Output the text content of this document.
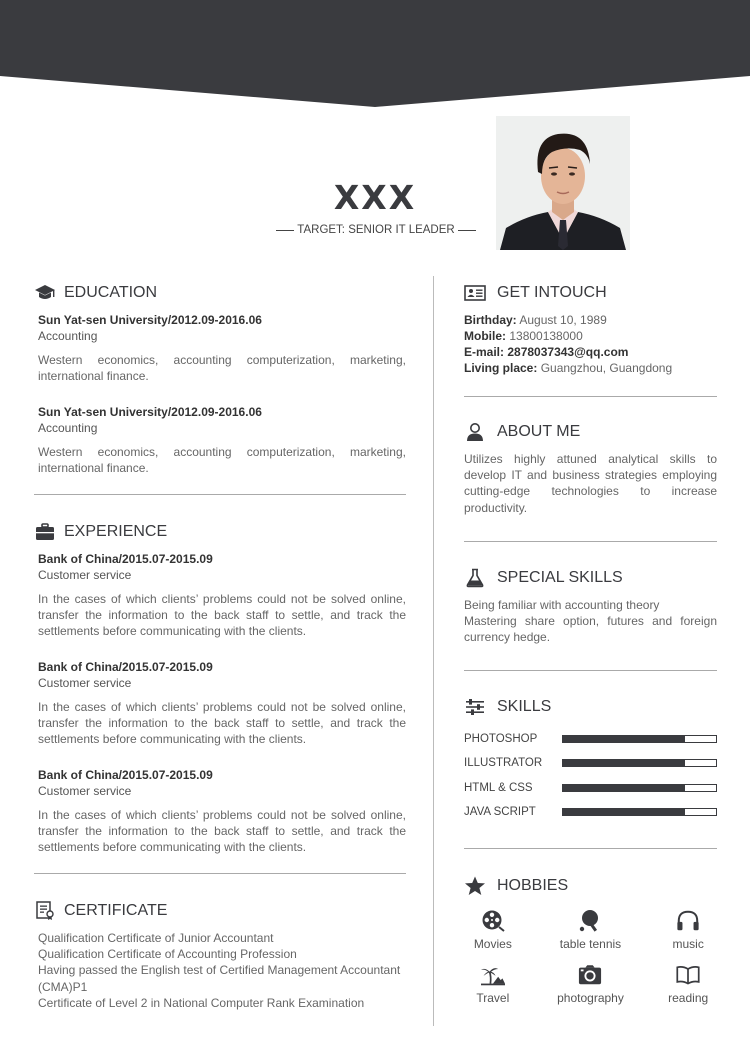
XXX
TARGET: SENIOR IT LEADER
EDUCATION
Sun Yat-sen University/2012.09-2016.06
Accounting
Western economics, accounting computerization, marketing, international finance.
Sun Yat-sen University/2012.09-2016.06
Accounting
Western economics, accounting computerization, marketing, international finance.
EXPERIENCE
Bank of China/2015.07-2015.09
Customer service
In the cases of which clients’ problems could not be solved online, transfer the information to the back staff to settle, and track the settlements before communicating with the clients.
Bank of China/2015.07-2015.09
Customer service
In the cases of which clients’ problems could not be solved online, transfer the information to the back staff to settle, and track the settlements before communicating with the clients.
Bank of China/2015.07-2015.09
Customer service
In the cases of which clients’ problems could not be solved online, transfer the information to the back staff to settle, and track the settlements before communicating with the clients.
CERTIFICATE
Qualification Certificate of Junior Accountant
Qualification Certificate of Accounting Profession
Having passed the English test of Certified Management Accountant (CMA)P1
Certificate of Level 2 in National Computer Rank Examination
GET INTOUCH
Birthday: August 10, 1989
Mobile: 13800138000
E-mail: 2878037343@qq.com
Living place: Guangzhou, Guangdong
ABOUT ME
Utilizes highly attuned analytical skills to develop IT and business strategies employing cutting-edge technologies to increase productivity.
SPECIAL SKILLS
Being familiar with accounting theory
Mastering share option, futures and foreign currency hedge.
SKILLS
PHOTOSHOP
ILLUSTRATOR
HTML & CSS
JAVA SCRIPT
HOBBIES
Movies	table tennis	music
Travel	photography	reading
